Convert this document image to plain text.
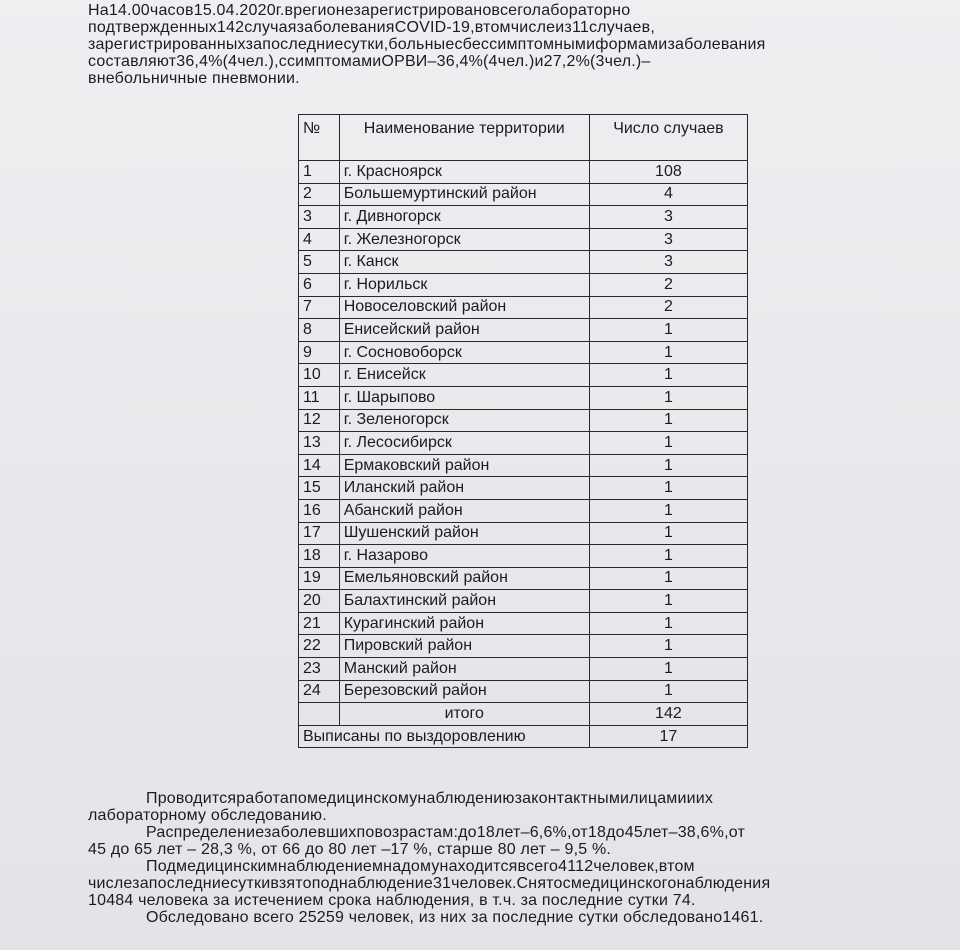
На14.00часов15.04.2020г.врегионезарегистрировановсеголабораторно
подтвержденных142случаязаболеванияCOVID-19,втомчислеиз11случаев,
зарегистрированныхзапоследниесутки,больныесбессимптомнымиформамизаболевания
составляют36,4%(4чел.),ссимптомамиОРВИ–36,4%(4чел.)и27,2%(3чел.)–
внебольничные пневмонии.
№	Наименование территории	Число случаев
1	г. Красноярск	108
2	Большемуртинский район	4
3	г. Дивногорск	3
4	г. Железногорск	3
5	г. Канск	3
6	г. Норильск	2
7	Новоселовский район	2
8	Енисейский район	1
9	г. Сосновоборск	1
10	г. Енисейск	1
11	г. Шарыпово	1
12	г. Зеленогорск	1
13	г. Лесосибирск	1
14	Ермаковский район	1
15	Иланский район	1
16	Абанский район	1
17	Шушенский район	1
18	г. Назарово	1
19	Емельяновский район	1
20	Балахтинский район	1
21	Курагинский район	1
22	Пировский район	1
23	Манский район	1
24	Березовский район	1
	итого	142
Выписаны по выздоровлению		17
Проводитсяработапомедицинскомунаблюдениюзаконтактнымилицамииих
лабораторному обследованию.
Распределениезаболевшихповозрастам:до18лет–6,6%,от18до45лет–38,6%,от
45 до 65 лет – 28,3 %, от 66 до 80 лет –17 %, старше 80 лет – 9,5 %.
Подмедицинскимнаблюдениемнадомунаходитсявсего4112человек,втом
числезапоследниесуткивзятоподнаблюдение31человек.Снятосмедицинскогонаблюдения
10484 человека за истечением срока наблюдения, в т.ч. за последние сутки 74.
Обследовано всего 25259 человек, из них за последние сутки обследовано1461.
